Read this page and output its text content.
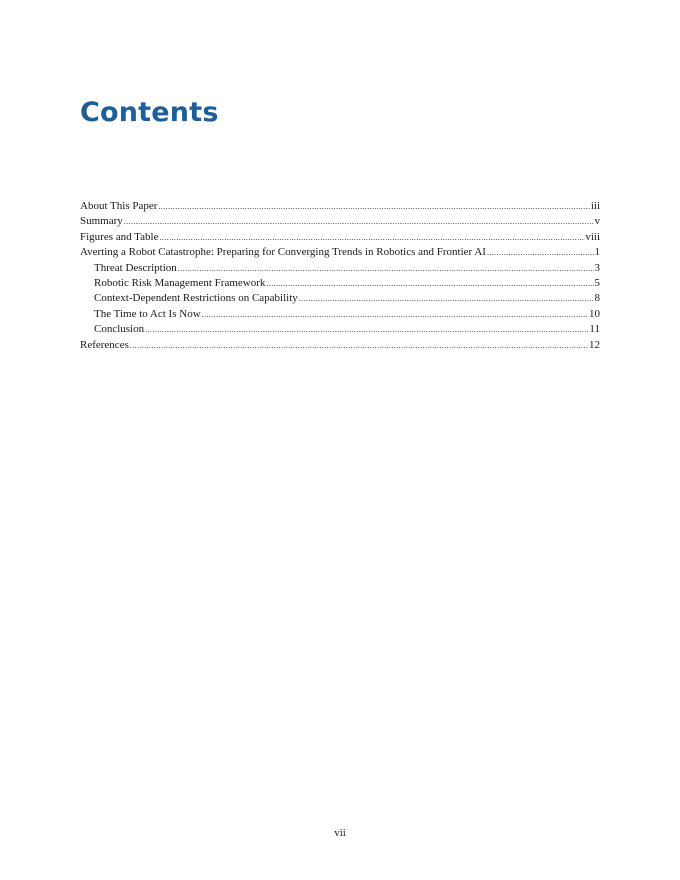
Contents
About This Paper .....	iii
Summary .....	v
Figures and Table .....	viii
Averting a Robot Catastrophe: Preparing for Converging Trends in Robotics and Frontier AI .....	1
Threat Description .....	3
Robotic Risk Management Framework .....	5
Context-Dependent Restrictions on Capability .....	8
The Time to Act Is Now .....	10
Conclusion .....	11
References .....	12
vii
